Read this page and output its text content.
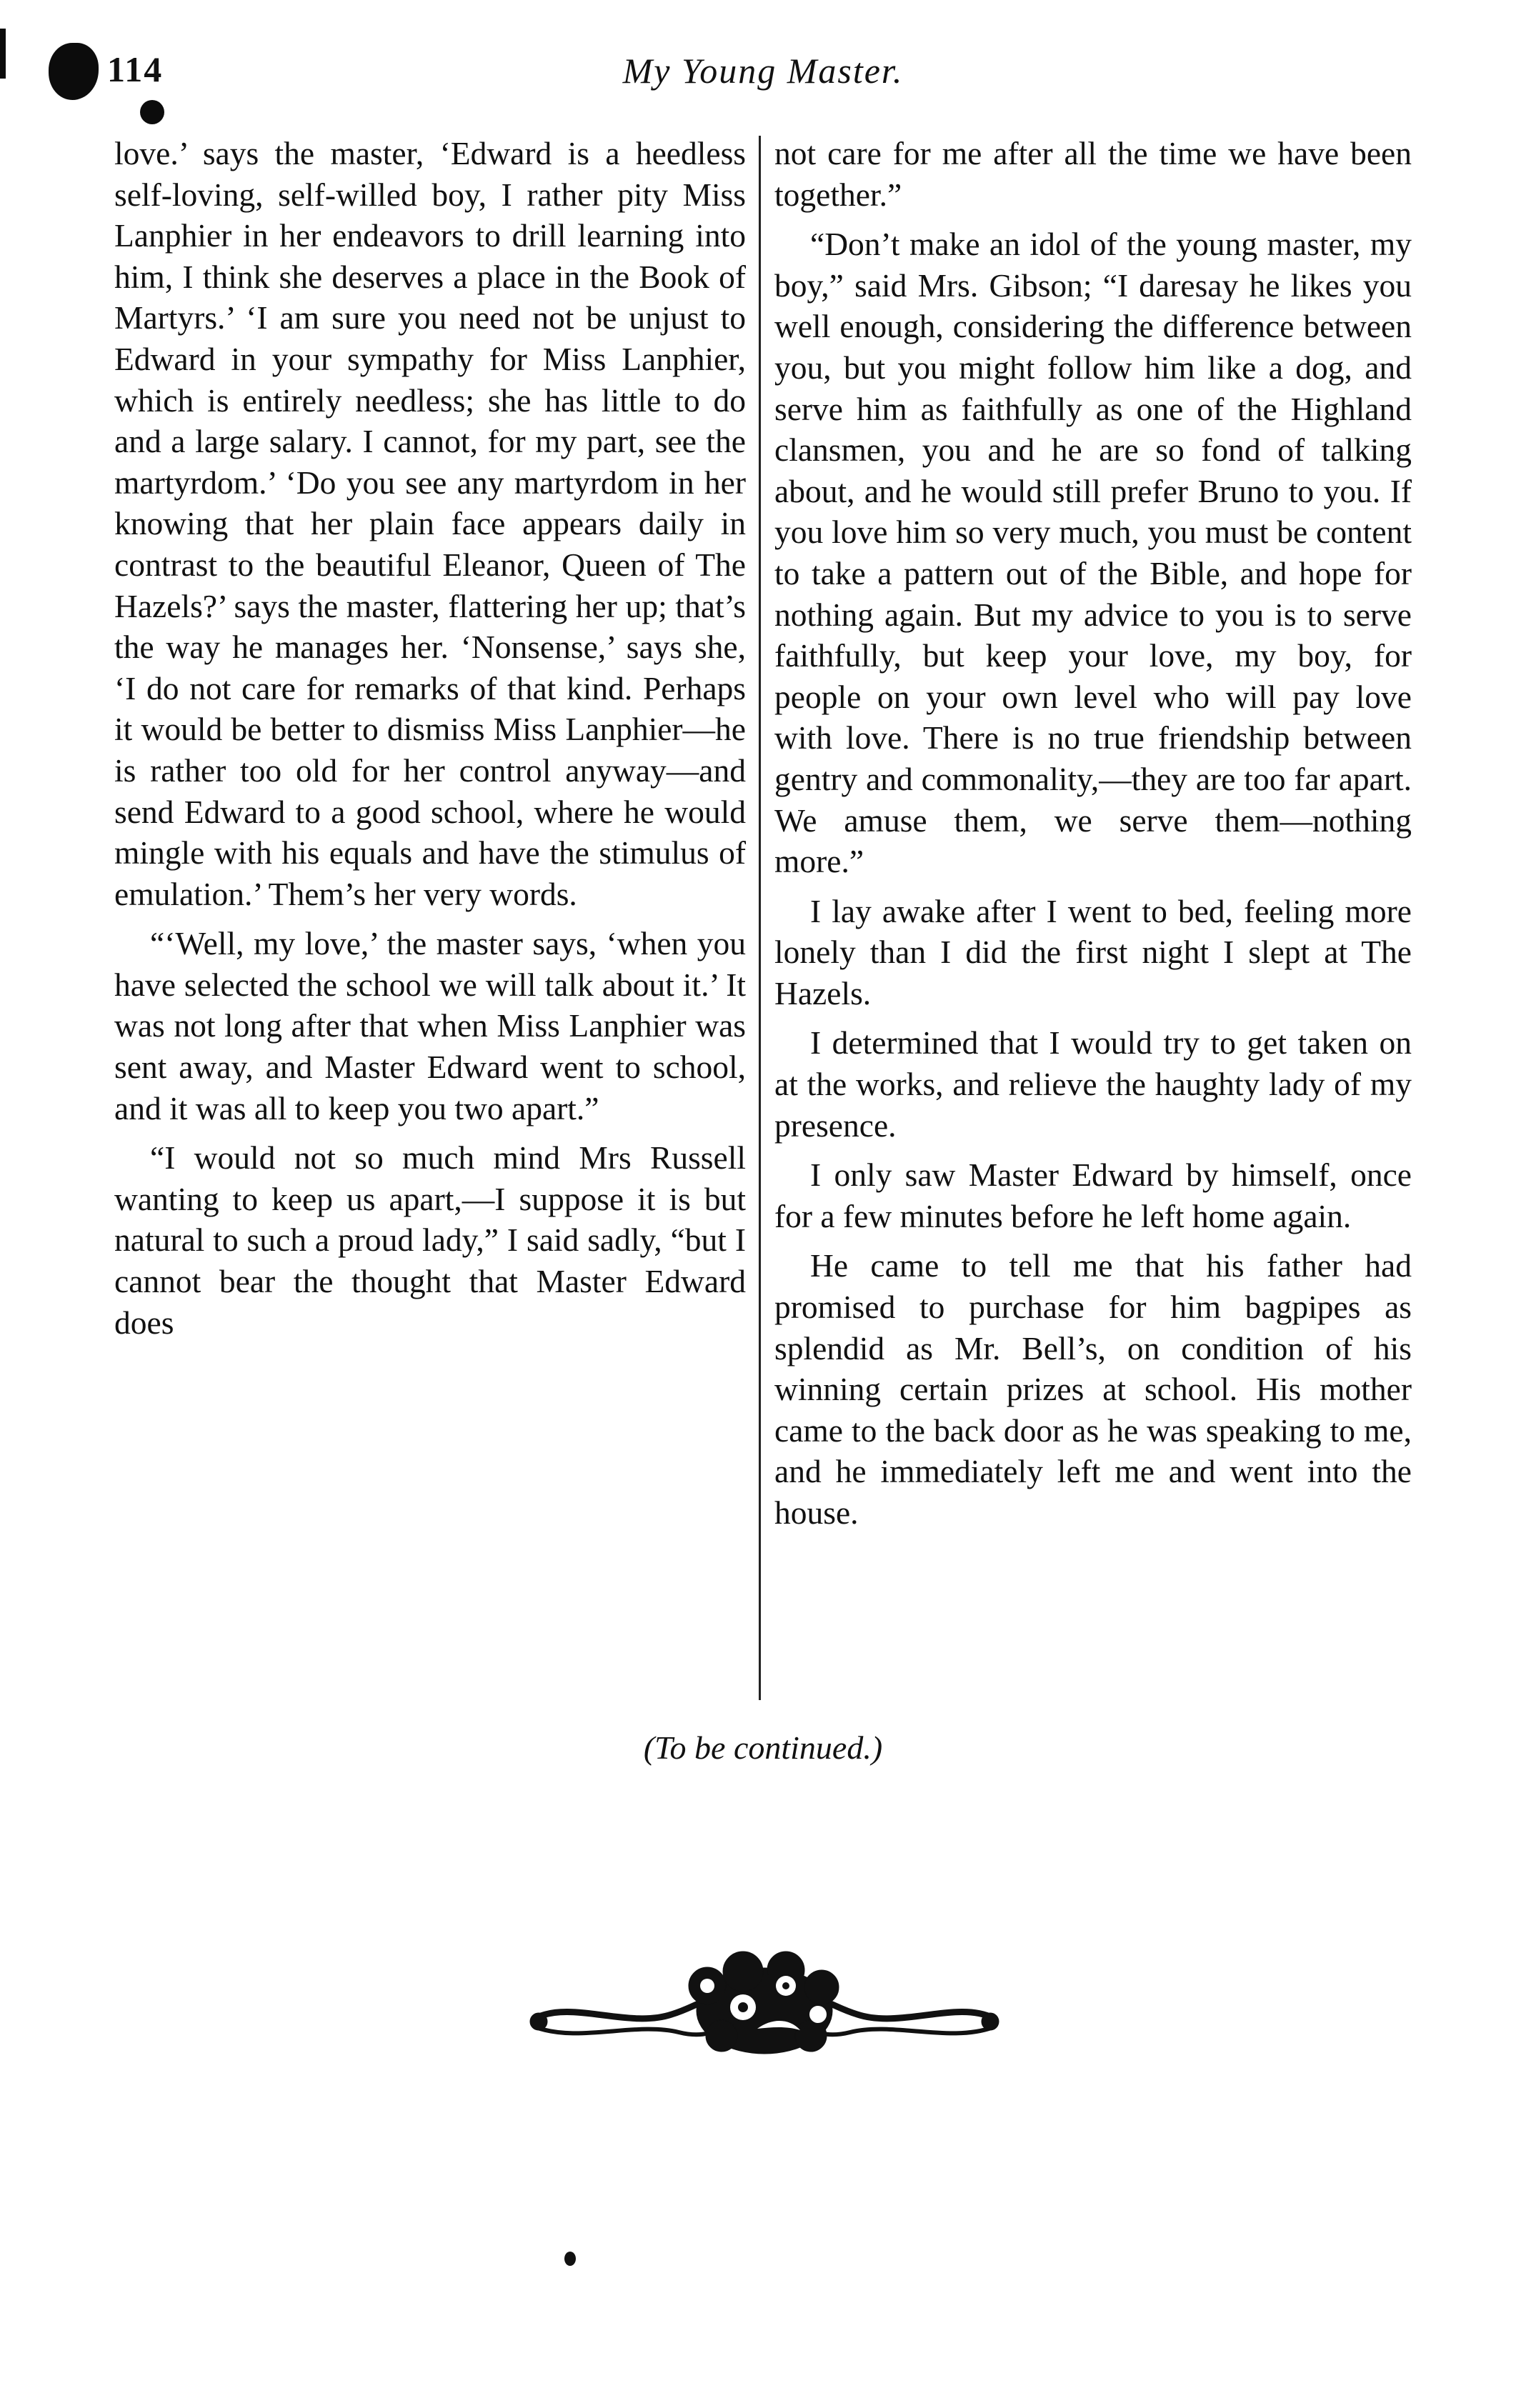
114	My Young Master.

love.’ says the master, ‘Edward is a heedless self-loving, self-willed boy, I rather pity Miss Lanphier in her endeavors to drill learning into him, I think she deserves a place in the Book of Martyrs.’ ‘I am sure you need not be unjust to Edward in your sympathy for Miss Lanphier, which is entirely needless; she has little to do and a large salary. I cannot, for my part, see the martyrdom.’ ‘Do you see any martyrdom in her knowing that her plain face appears daily in contrast to the beautiful Eleanor, Queen of The Hazels?’ says the master, flattering her up; that’s the way he manages her. ‘Nonsense,’ says she, ‘I do not care for remarks of that kind. Perhaps it would be better to dismiss Miss Lanphier—he is rather too old for her control anyway—and send Edward to a good school, where he would mingle with his equals and have the stimulus of emulation.’ Them’s her very words.

“‘Well, my love,’ the master says, ‘when you have selected the school we will talk about it.’ It was not long after that when Miss Lanphier was sent away, and Master Edward went to school, and it was all to keep you two apart.”

“I would not so much mind Mrs Russell wanting to keep us apart,—I suppose it is but natural to such a proud lady,” I said sadly, “but I cannot bear the thought that Master Edward does

not care for me after all the time we have been together.”

“Don’t make an idol of the young master, my boy,” said Mrs. Gibson; “I daresay he likes you well enough, considering the difference between you, but you might follow him like a dog, and serve him as faithfully as one of the Highland clansmen, you and he are so fond of talking about, and he would still prefer Bruno to you. If you love him so very much, you must be content to take a pattern out of the Bible, and hope for nothing again. But my advice to you is to serve faithfully, but keep your love, my boy, for people on your own level who will pay love with love. There is no true friendship between gentry and commonality,—they are too far apart. We amuse them, we serve them—nothing more.”

I lay awake after I went to bed, feeling more lonely than I did the first night I slept at The Hazels.

I determined that I would try to get taken on at the works, and relieve the haughty lady of my presence.

I only saw Master Edward by himself, once for a few minutes before he left home again.

He came to tell me that his father had promised to purchase for him bagpipes as splendid as Mr. Bell’s, on condition of his winning certain prizes at school. His mother came to the back door as he was speaking to me, and he immediately left me and went into the house.

(To be continued.)
